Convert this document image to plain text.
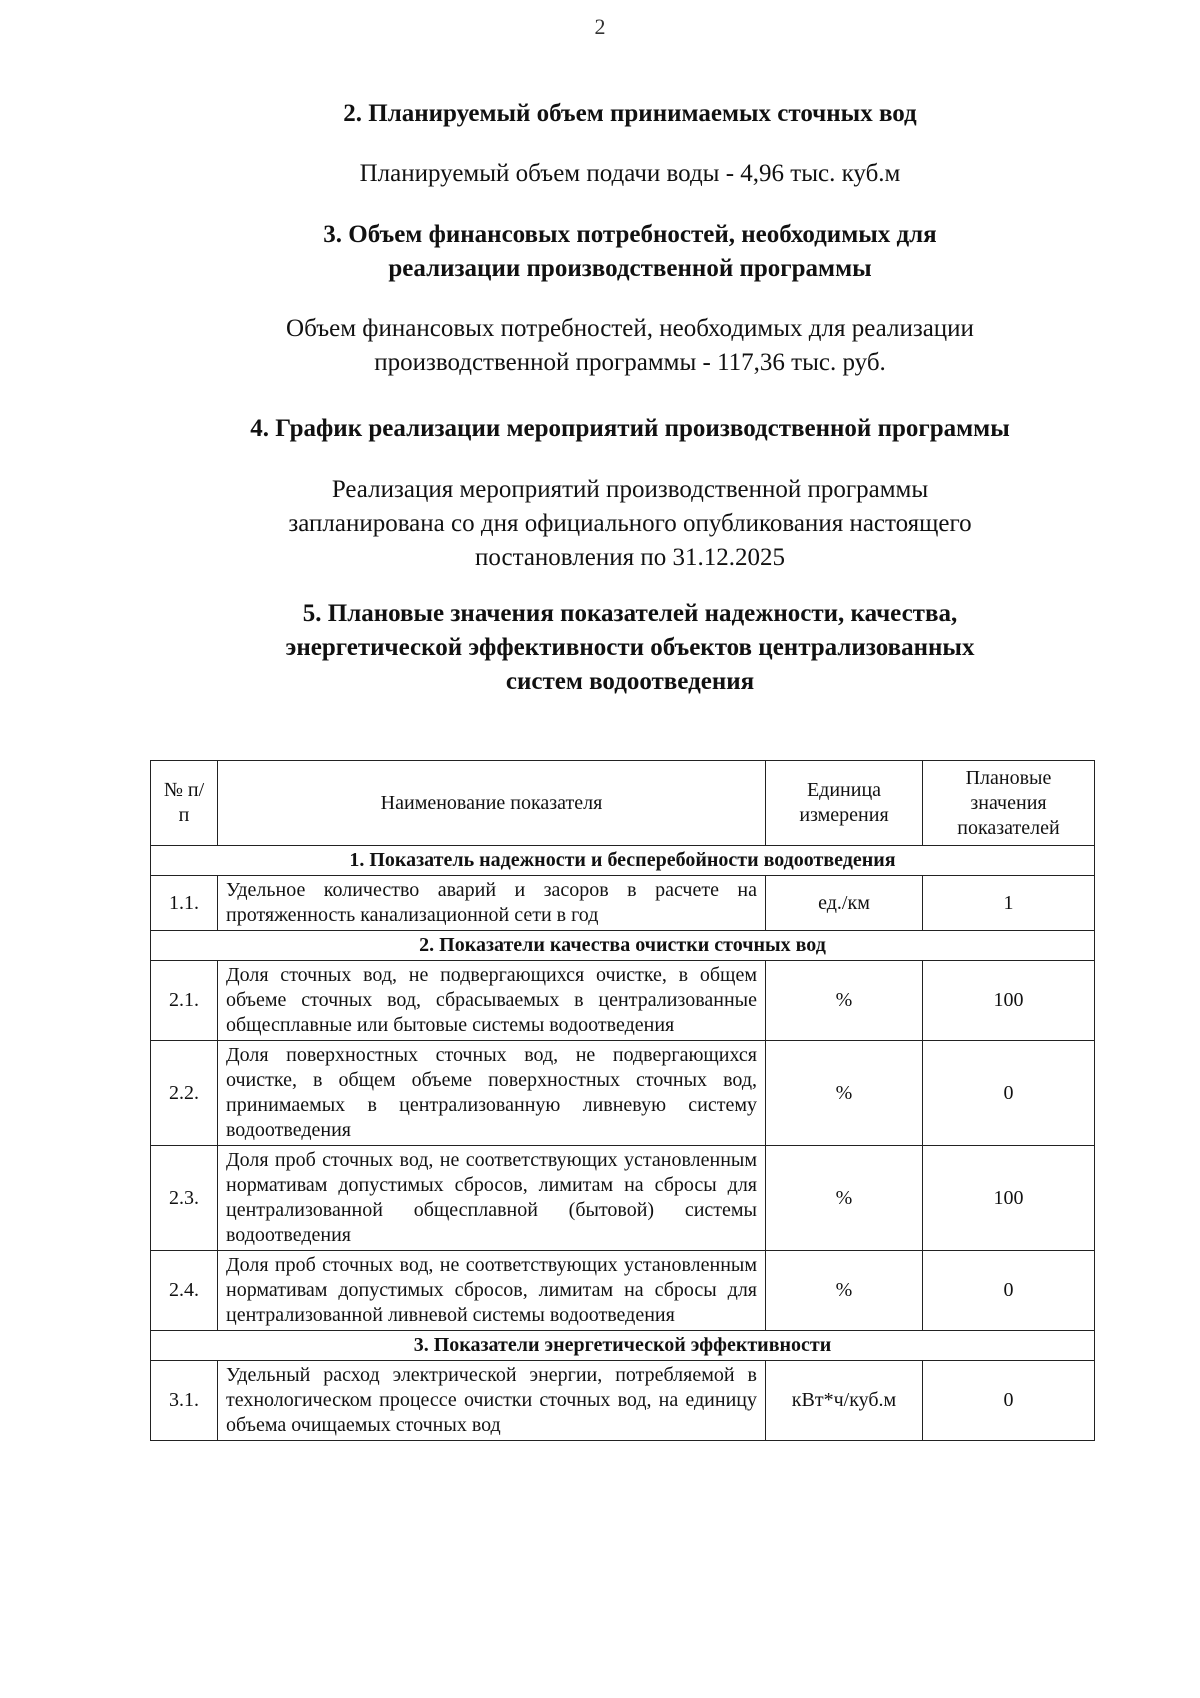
2
2. Планируемый объем принимаемых сточных вод
Планируемый объем подачи воды - 4,96 тыс. куб.м
3. Объем финансовых потребностей, необходимых для
реализации производственной программы
Объем финансовых потребностей, необходимых для реализации
производственной программы - 117,36 тыс. руб.
4. График реализации мероприятий производственной программы
Реализация мероприятий производственной программы
запланирована со дня официального опубликования настоящего
постановления по 31.12.2025
5. Плановые значения показателей надежности, качества,
энергетической эффективности объектов централизованных
систем водоотведения
№ п/п	Наименование показателя	Единица измерения	Плановые значения показателей
1. Показатель надежности и бесперебойности водоотведения			
1.1.	Удельное количество аварий и засоров в расчете на протяженность канализационной сети в год	ед./км	1
2. Показатели качества очистки сточных вод			
2.1.	Доля сточных вод, не подвергающихся очистке, в общем объеме сточных вод, сбрасываемых в централизованные общесплавные или бытовые системы водоотведения	%	100
2.2.	Доля поверхностных сточных вод, не подвергающихся очистке, в общем объеме поверхностных сточных вод, принимаемых в централизованную ливневую систему водоотведения	%	0
2.3.	Доля проб сточных вод, не соответствующих установленным нормативам допустимых сбросов, лимитам на сбросы для централизованной общесплавной (бытовой) системы водоотведения	%	100
2.4.	Доля проб сточных вод, не соответствующих установленным нормативам допустимых сбросов, лимитам на сбросы для централизованной ливневой системы водоотведения	%	0
3. Показатели энергетической эффективности			
3.1.	Удельный расход электрической энергии, потребляемой в технологическом процессе очистки сточных вод, на единицу объема очищаемых сточных вод	кВт*ч/куб.м	0
